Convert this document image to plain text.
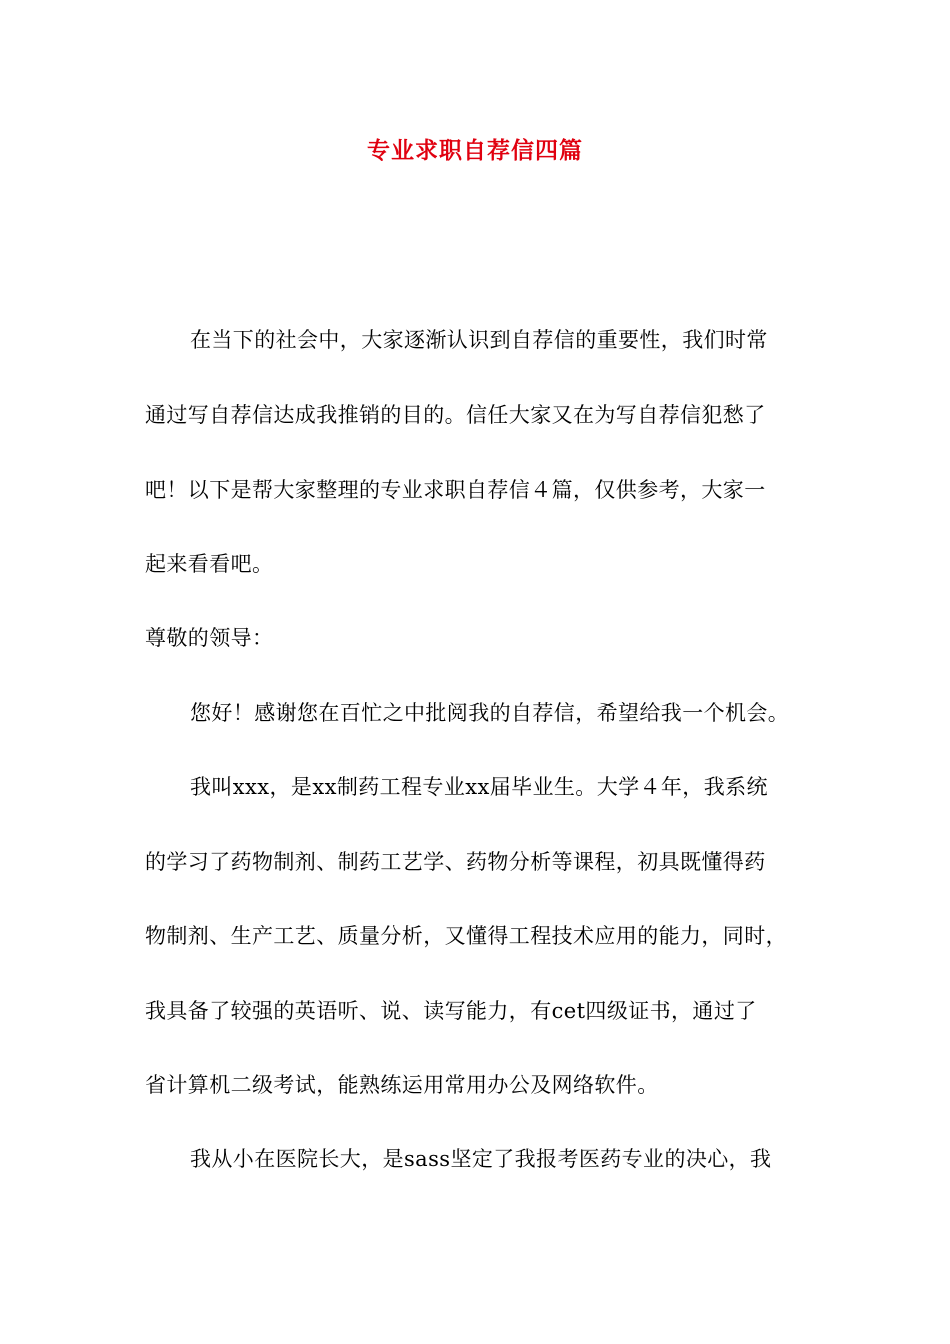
专业求职自荐信四篇
在当下的社会中，大家逐渐认识到自荐信的重要性，我们时常
通过写自荐信达成我推销的目的。信任大家又在为写自荐信犯愁了
吧！以下是帮大家整理的专业求职自荐信４篇，仅供参考，大家一
起来看看吧。
尊敬的领导：
您好！感谢您在百忙之中批阅我的自荐信，希望给我一个机会。
我叫xxx，是xx制药工程专业xx届毕业生。大学４年，我系统
的学习了药物制剂、制药工艺学、药物分析等课程，初具既懂得药
物制剂、生产工艺、质量分析，又懂得工程技术应用的能力，同时，
我具备了较强的英语听、说、读写能力，有cet四级证书，通过了
省计算机二级考试，能熟练运用常用办公及网络软件。
我从小在医院长大，是sass坚定了我报考医药专业的决心，我
